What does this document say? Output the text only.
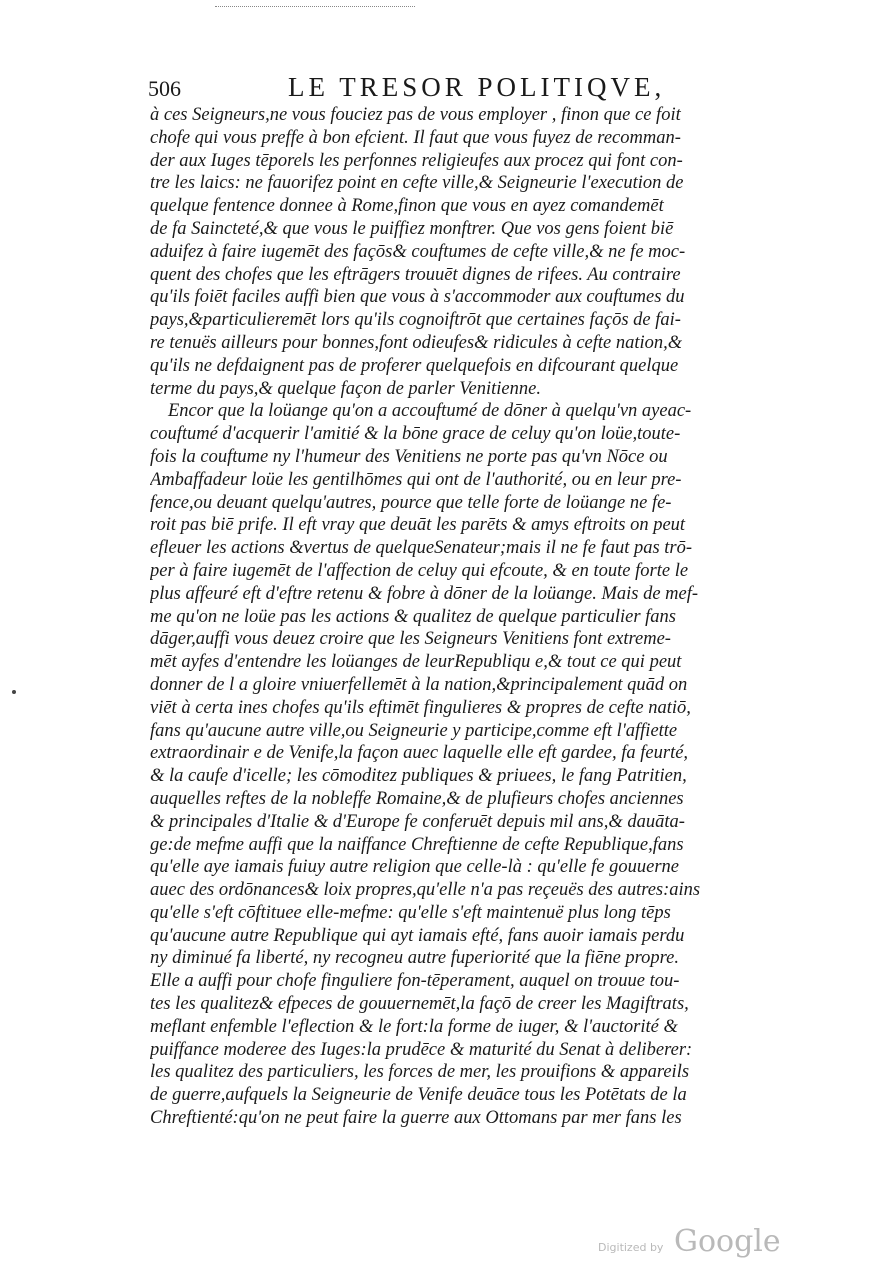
506	LE TRESOR POLITIQVE,
à ces Seigneurs,ne vous fouciez pas de vous employer , finon que ce foit
chofe qui vous preffe à bon efcient. Il faut que vous fuyez de recomman-
der aux Iuges tēporels les perfonnes religieufes aux procez qui font con-
tre les laics: ne fauorifez point en cefte ville,& Seigneurie l'execution de
quelque fentence donnee à Rome,finon que vous en ayez comandemēt
de fa Saincteté,& que vous le puiffiez monftrer. Que vos gens foient biē
aduifez à faire iugemēt des façōs& couftumes de cefte ville,& ne fe moc-
quent des chofes que les eftrāgers trouuēt dignes de rifees. Au contraire
qu'ils foiēt faciles auffi bien que vous à s'accommoder aux couftumes du
pays,&particulieremēt lors qu'ils cognoiftrōt que certaines façōs de fai-
re tenuës ailleurs pour bonnes,font odieufes& ridicules à cefte nation,&
qu'ils ne defdaignent pas de proferer quelquefois en difcourant quelque
terme du pays,& quelque façon de parler Venitienne.
Encor que la loüange qu'on a accouftumé de dōner à quelqu'vn ayeac-
couftumé d'acquerir l'amitié & la bōne grace de celuy qu'on loüe,toute-
fois la couftume ny l'humeur des Venitiens ne porte pas qu'vn Nōce ou
Ambaffadeur loüe les gentilhōmes qui ont de l'authorité, ou en leur pre-
fence,ou deuant quelqu'autres, pource que telle forte de loüange ne fe-
roit pas biē prife. Il eft vray que deuāt les parēts & amys eftroits on peut
efleuer les actions &vertus de quelqueSenateur;mais il ne fe faut pas trō-
per à faire iugemēt de l'affection de celuy qui efcoute, & en toute forte le
plus affeuré eft d'eftre retenu & fobre à dōner de la loüange. Mais de mef-
me qu'on ne loüe pas les actions & qualitez de quelque particulier fans
dāger,auffi vous deuez croire que les Seigneurs Venitiens font extreme-
mēt ayfes d'entendre les loüanges de leurRepubliqu e,& tout ce qui peut
donner de l a gloire vniuerfellemēt à la nation,&principalement quād on
viēt à certa ines chofes qu'ils eftimēt fingulieres & propres de cefte natiō,
fans qu'aucune autre ville,ou Seigneurie y participe,comme eft l'affiette
extraordinair e de Venife,la façon auec laquelle elle eft gardee, fa feurté,
& la caufe d'icelle; les cōmoditez publiques & priuees, le fang Patritien,
auquelles reftes de la nobleffe Romaine,& de plufieurs chofes anciennes
& principales d'Italie & d'Europe fe conferuēt depuis mil ans,& dauāta-
ge:de mefme auffi que la naiffance Chreftienne de cefte Republique,fans
qu'elle aye iamais fuiuy autre religion que celle-là : qu'elle fe gouuerne
auec des ordōnances& loix propres,qu'elle n'a pas reçeuës des autres:ains
qu'elle s'eft cōftituee elle-mefme: qu'elle s'eft maintenuë plus long tēps
qu'aucune autre Republique qui ayt iamais efté, fans auoir iamais perdu
ny diminué fa liberté, ny recogneu autre fuperiorité que la fiēne propre.
Elle a auffi pour chofe finguliere fon-tēperament, auquel on trouue tou-
tes les qualitez& efpeces de gouuernemēt,la façō de creer les Magiftrats,
meflant enfemble l'eflection & le fort:la forme de iuger, & l'auctorité &
puiffance moderee des Iuges:la prudēce & maturité du Senat à deliberer:
les qualitez des particuliers, les forces de mer, les prouifions & appareils
de guerre,aufquels la Seigneurie de Venife deuāce tous les Potētats de la
Chreftienté:qu'on ne peut faire la guerre aux Ottomans par mer fans les
Digitized by Google
